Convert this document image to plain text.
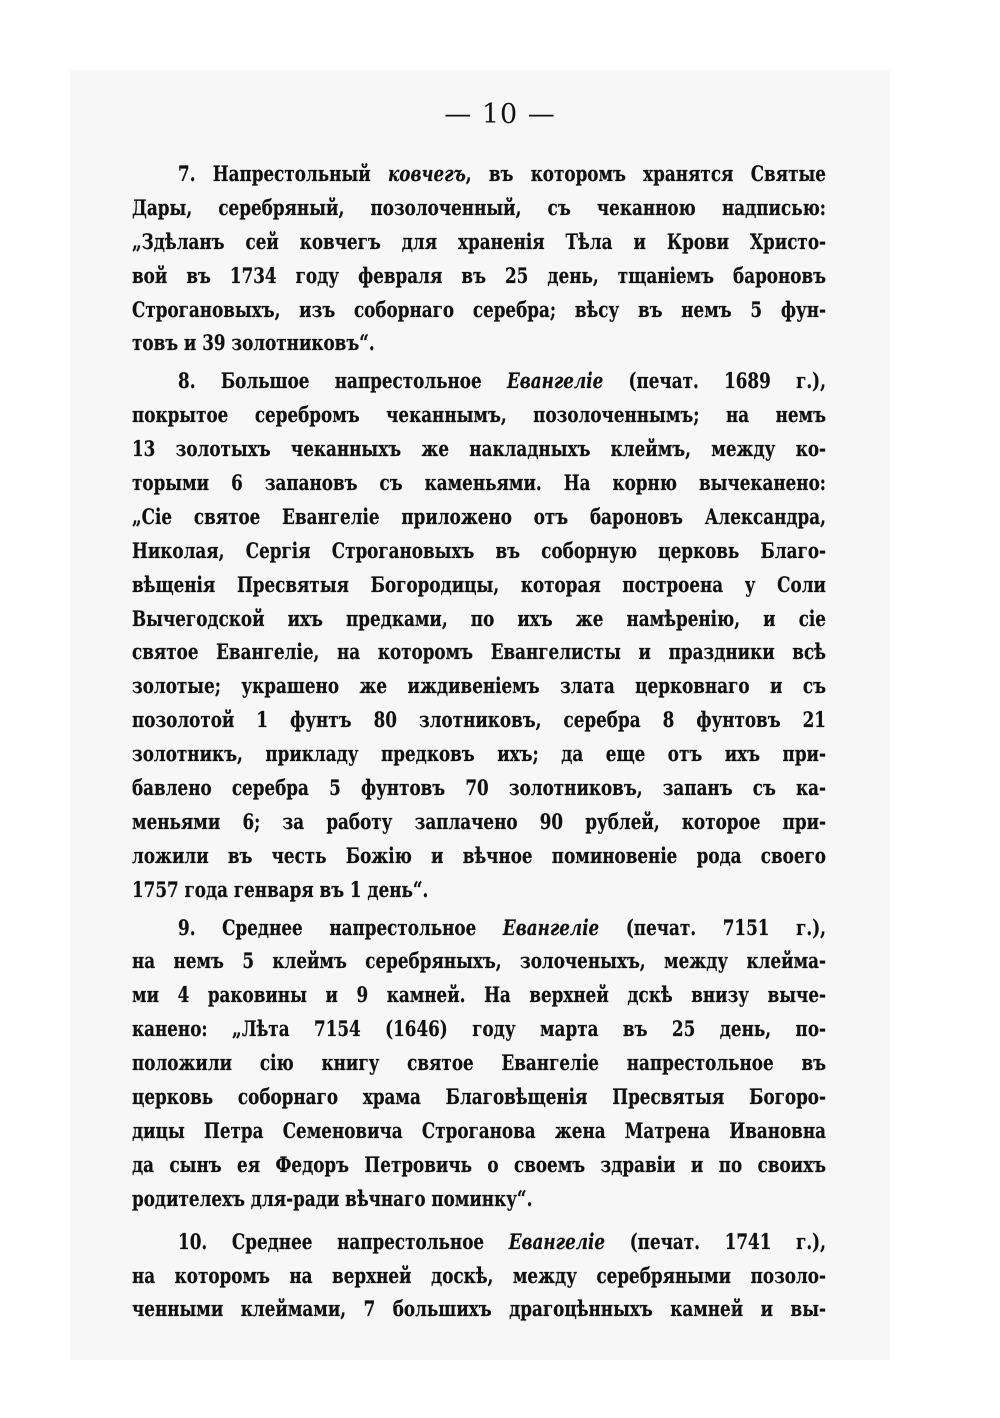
— 10 —
7. Напрестольный ковчегъ, въ которомъ хранятся Святые
Дары, серебряный, позолоченный, съ чеканною надписью:
„Здѣланъ сей ковчегъ для храненія Тѣла и Крови Христо-
вой въ 1734 году февраля въ 25 день, тщаніемъ бароновъ
Строгановыхъ, изъ соборнаго серебра; вѣсу въ немъ 5 фун-
товъ и 39 золотниковъ“.
8. Большое напрестольное Евангеліе (печат. 1689 г.),
покрытое серебромъ чеканнымъ, позолоченнымъ; на немъ
13 золотыхъ чеканныхъ же накладныхъ клеймъ, между ко-
торыми 6 запановъ съ каменьями. На корню вычеканено:
„Сіе святое Евангеліе приложено отъ бароновъ Александра,
Николая, Сергія Строгановыхъ въ соборную церковь Благо-
вѣщенія Пресвятыя Богородицы, которая построена у Соли
Вычегодской ихъ предками, по ихъ же намѣренію, и сіе
святое Евангеліе, на которомъ Евангелисты и праздники всѣ
золотые; украшено же иждивеніемъ злата церковнаго и съ
позолотой 1 фунтъ 80 злотниковъ, серебра 8 фунтовъ 21
золотникъ, прикладу предковъ ихъ; да еще отъ ихъ при-
бавлено серебра 5 фунтовъ 70 золотниковъ, запанъ съ ка-
меньями 6; за работу заплачено 90 рублей, которое при-
ложили въ честь Божію и вѣчное поминовеніе рода своего
1757 года генваря въ 1 день“.
9. Среднее напрестольное Евангеліе (печат. 7151 г.),
на немъ 5 клеймъ серебряныхъ, золоченыхъ, между клейма-
ми 4 раковины и 9 камней. На верхней дскѣ внизу выче-
канено: „Лѣта 7154 (1646) году марта въ 25 день, по-
положили сію книгу святое Евангеліе напрестольное въ
церковь соборнаго храма Благовѣщенія Пресвятыя Богоро-
дицы Петра Семеновича Строганова жена Матрена Ивановна
да сынъ ея Федоръ Петровичь о своемъ здравіи и по своихъ
родителехъ для-ради вѣчнаго поминку“.
10. Среднее напрестольное Евангеліе (печат. 1741 г.),
на которомъ на верхней доскѣ, между серебряными позоло-
ченными клеймами, 7 большихъ драгоцѣнныхъ камней и вы-
